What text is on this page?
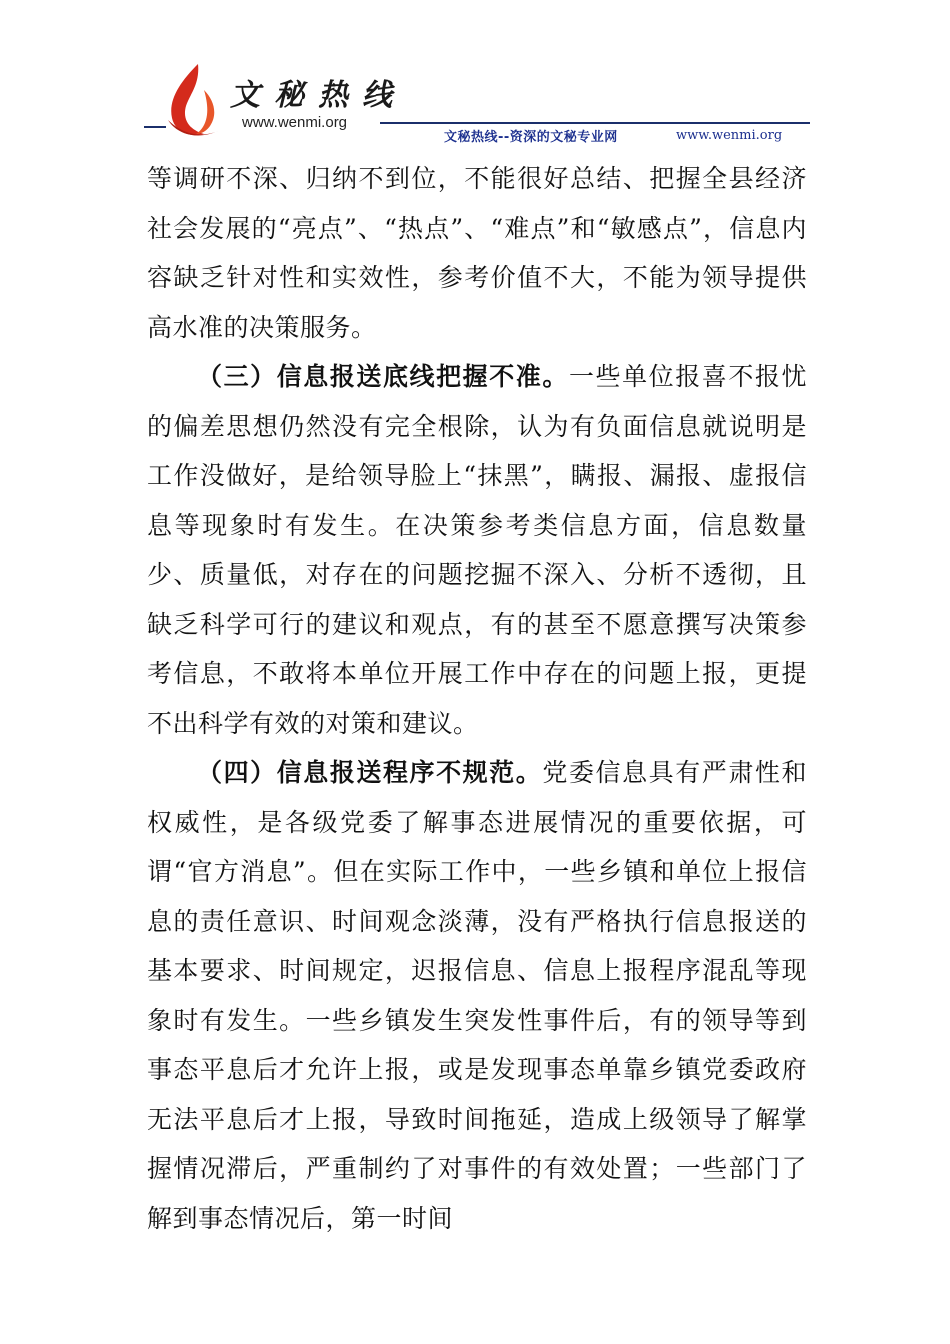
文秘热线
www.wenmi.org
文秘热线--资深的文秘专业网	www.wenmi.org

等调研不深、归纳不到位，不能很好总结、把握全县经济社会发展的“亮点”、“热点”、“难点”和“敏感点”，信息内容缺乏针对性和实效性，参考价值不大，不能为领导提供高水准的决策服务。

（三）信息报送底线把握不准。一些单位报喜不报忧的偏差思想仍然没有完全根除，认为有负面信息就说明是工作没做好，是给领导脸上“抹黑”，瞒报、漏报、虚报信息等现象时有发生。在决策参考类信息方面，信息数量少、质量低，对存在的问题挖掘不深入、分析不透彻，且缺乏科学可行的建议和观点，有的甚至不愿意撰写决策参考信息，不敢将本单位开展工作中存在的问题上报，更提不出科学有效的对策和建议。

（四）信息报送程序不规范。党委信息具有严肃性和权威性，是各级党委了解事态进展情况的重要依据，可谓“官方消息”。但在实际工作中，一些乡镇和单位上报信息的责任意识、时间观念淡薄，没有严格执行信息报送的基本要求、时间规定，迟报信息、信息上报程序混乱等现象时有发生。一些乡镇发生突发性事件后，有的领导等到事态平息后才允许上报，或是发现事态单靠乡镇党委政府无法平息后才上报，导致时间拖延，造成上级领导了解掌握情况滞后，严重制约了对事件的有效处置；一些部门了解到事态情况后，第一时间
